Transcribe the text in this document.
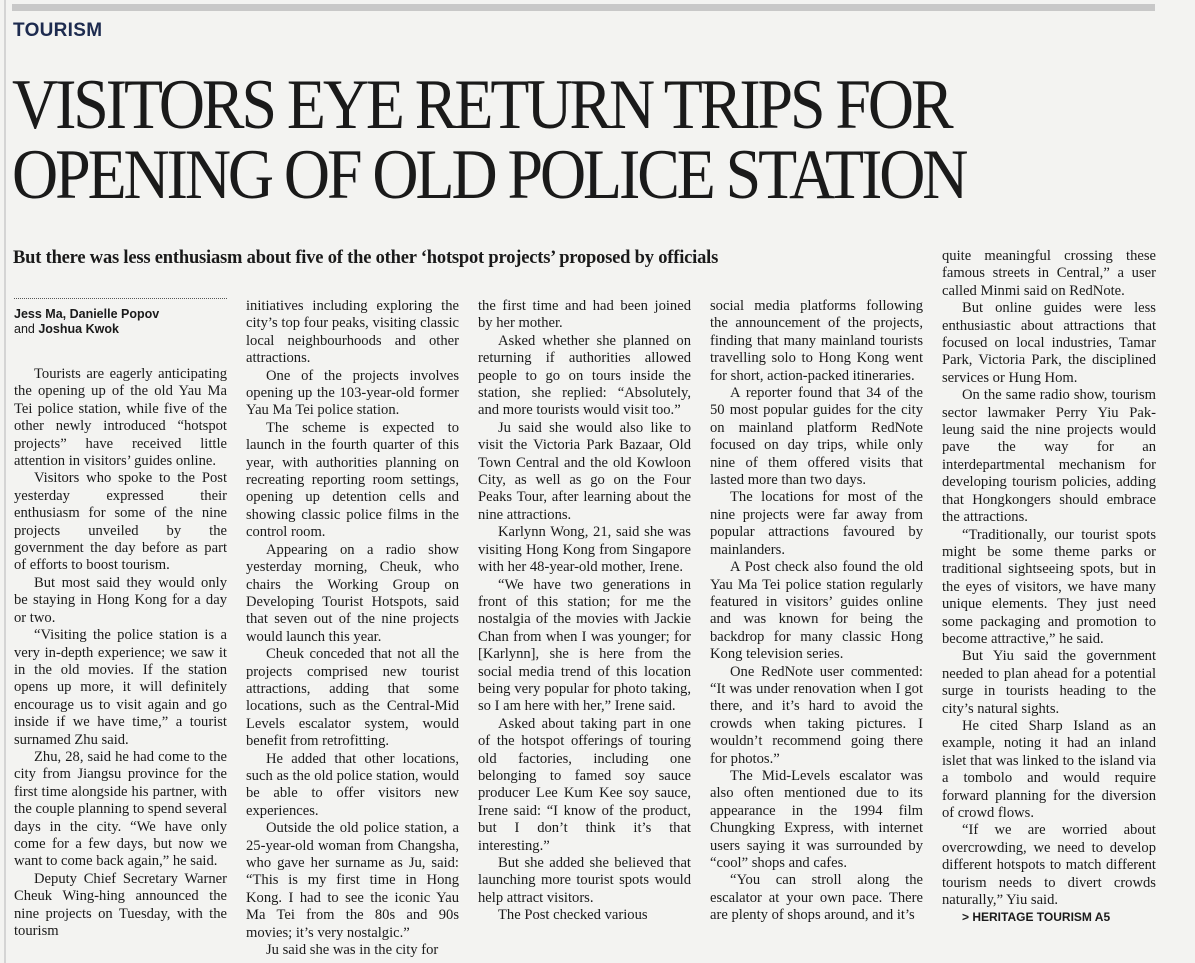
TOURISM
VISITORS EYE RETURN TRIPS FOR
OPENING OF OLD POLICE STATION
But there was less enthusiasm about five of the other ‘hotspot projects’ proposed by officials
Jess Ma, Danielle Popov
and Joshua Kwok

Tourists are eagerly anticipating the opening up of the old Yau Ma Tei police station, while five of the other newly introduced “hotspot projects” have received little attention in visitors’ guides online.

Visitors who spoke to the Post yesterday expressed their enthusiasm for some of the nine projects unveiled by the government the day before as part of efforts to boost tourism.

But most said they would only be staying in Hong Kong for a day or two.

“Visiting the police station is a very in-depth experience; we saw it in the old movies. If the station opens up more, it will definitely encourage us to visit again and go inside if we have time,” a tourist surnamed Zhu said.

Zhu, 28, said he had come to the city from Jiangsu province for the first time alongside his partner, with the couple planning to spend several days in the city. “We have only come for a few days, but now we want to come back again,” he said.

Deputy Chief Secretary Warner Cheuk Wing-hing announced the nine projects on Tuesday, with the tourism

initiatives including exploring the city’s top four peaks, visiting classic local neighbourhoods and other attractions.

One of the projects involves opening up the 103-year-old former Yau Ma Tei police station.

The scheme is expected to launch in the fourth quarter of this year, with authorities planning on recreating reporting room settings, opening up detention cells and showing classic police films in the control room.

Appearing on a radio show yesterday morning, Cheuk, who chairs the Working Group on Developing Tourist Hotspots, said that seven out of the nine projects would launch this year.

Cheuk conceded that not all the projects comprised new tourist attractions, adding that some locations, such as the Central-Mid Levels escalator system, would benefit from retrofitting.

He added that other locations, such as the old police station, would be able to offer visitors new experiences.

Outside the old police station, a 25-year-old woman from Changsha, who gave her surname as Ju, said: “This is my first time in Hong Kong. I had to see the iconic Yau Ma Tei from the 80s and 90s movies; it’s very nostalgic.”

Ju said she was in the city for

the first time and had been joined by her mother.

Asked whether she planned on returning if authorities allowed people to go on tours inside the station, she replied: “Absolutely, and more tourists would visit too.”

Ju said she would also like to visit the Victoria Park Bazaar, Old Town Central and the old Kowloon City, as well as go on the Four Peaks Tour, after learning about the nine attractions.

Karlynn Wong, 21, said she was visiting Hong Kong from Singapore with her 48-year-old mother, Irene.

“We have two generations in front of this station; for me the nostalgia of the movies with Jackie Chan from when I was younger; for [Karlynn], she is here from the social media trend of this location being very popular for photo taking, so I am here with her,” Irene said.

Asked about taking part in one of the hotspot offerings of touring old factories, including one belonging to famed soy sauce producer Lee Kum Kee soy sauce, Irene said: “I know of the product, but I don’t think it’s that interesting.”

But she added she believed that launching more tourist spots would help attract visitors.

The Post checked various

social media platforms following the announcement of the projects, finding that many mainland tourists travelling solo to Hong Kong went for short, action-packed itineraries.

A reporter found that 34 of the 50 most popular guides for the city on mainland platform RedNote focused on day trips, while only nine of them offered visits that lasted more than two days.

The locations for most of the nine projects were far away from popular attractions favoured by mainlanders.

A Post check also found the old Yau Ma Tei police station regularly featured in visitors’ guides online and was known for being the backdrop for many classic Hong Kong television series.

One RedNote user commented: “It was under renovation when I got there, and it’s hard to avoid the crowds when taking pictures. I wouldn’t recommend going there for photos.”

The Mid-Levels escalator was also often mentioned due to its appearance in the 1994 film Chungking Express, with internet users saying it was surrounded by “cool” shops and cafes.

“You can stroll along the escalator at your own pace. There are plenty of shops around, and it’s

quite meaningful crossing these famous streets in Central,” a user called Minmi said on RedNote.

But online guides were less enthusiastic about attractions that focused on local industries, Tamar Park, Victoria Park, the disciplined services or Hung Hom.

On the same radio show, tourism sector lawmaker Perry Yiu Pak-leung said the nine projects would pave the way for an interdepartmental mechanism for developing tourism policies, adding that Hongkongers should embrace the attractions.

“Traditionally, our tourist spots might be some theme parks or traditional sightseeing spots, but in the eyes of visitors, we have many unique elements. They just need some packaging and promotion to become attractive,” he said.

But Yiu said the government needed to plan ahead for a potential surge in tourists heading to the city’s natural sights.

He cited Sharp Island as an example, noting it had an inland islet that was linked to the island via a tombolo and would require forward planning for the diversion of crowd flows.

“If we are worried about overcrowding, we need to develop different hotspots to match different tourism needs to divert crowds naturally,” Yiu said.

> HERITAGE TOURISM A5
